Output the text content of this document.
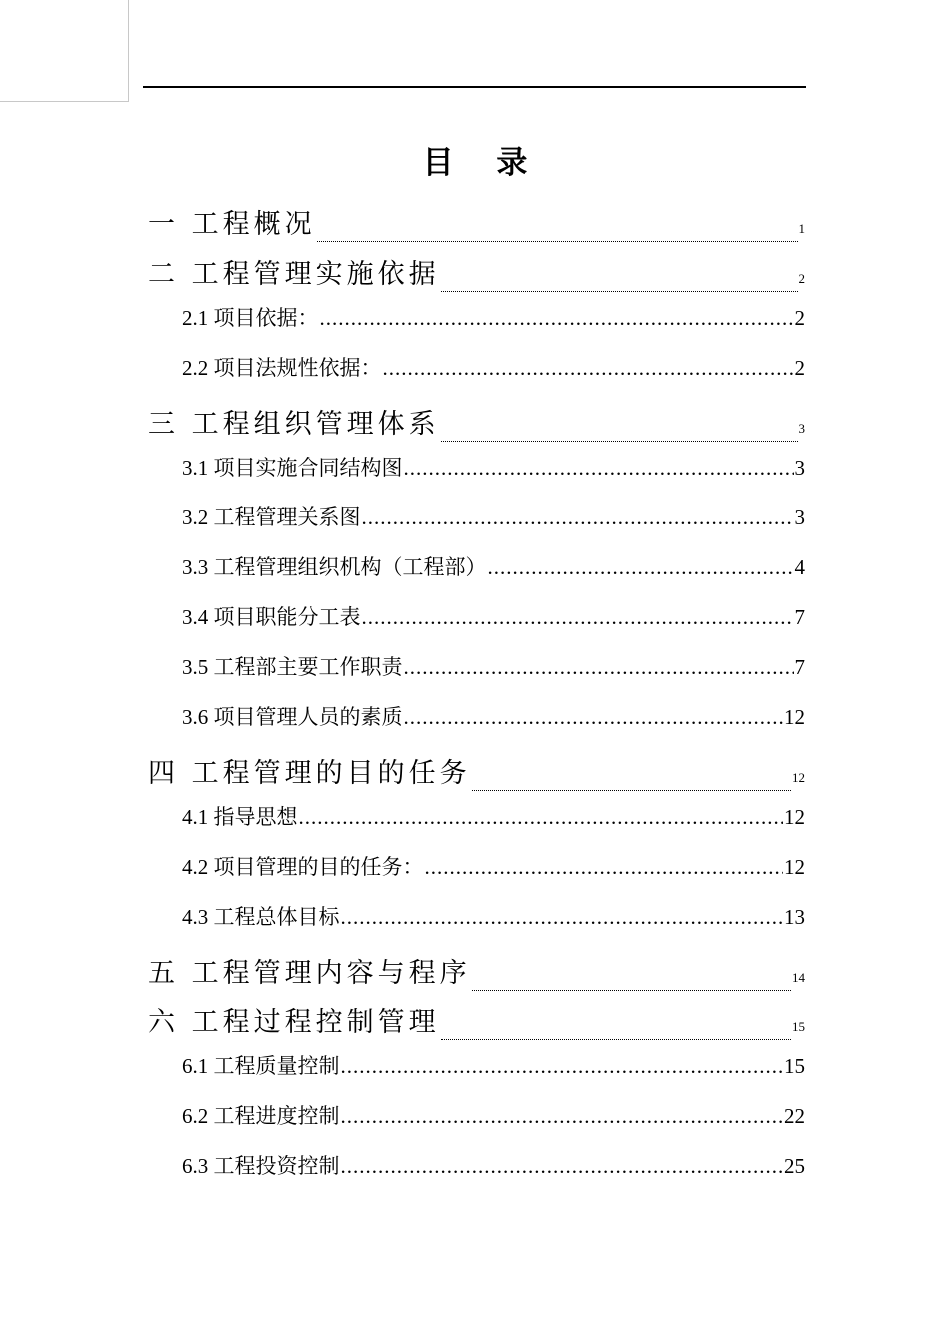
目 录
一 工程概况	1
二 工程管理实施依据	2
2.1 项目依据： .....	2
2.2 项目法规性依据： .....	2
三 工程组织管理体系	3
3.1 项目实施合同结构图 .....	3
3.2 工程管理关系图 .....	3
3.3 工程管理组织机构（工程部） .....	4
3.4 项目职能分工表 .....	7
3.5 工程部主要工作职责 .....	7
3.6 项目管理人员的素质 .....	12
四 工程管理的目的任务	12
4.1 指导思想 .....	12
4.2 项目管理的目的任务： .....	12
4.3 工程总体目标 .....	13
五 工程管理内容与程序	14
六 工程过程控制管理	15
6.1 工程质量控制 .....	15
6.2 工程进度控制 .....	22
6.3 工程投资控制 .....	25
